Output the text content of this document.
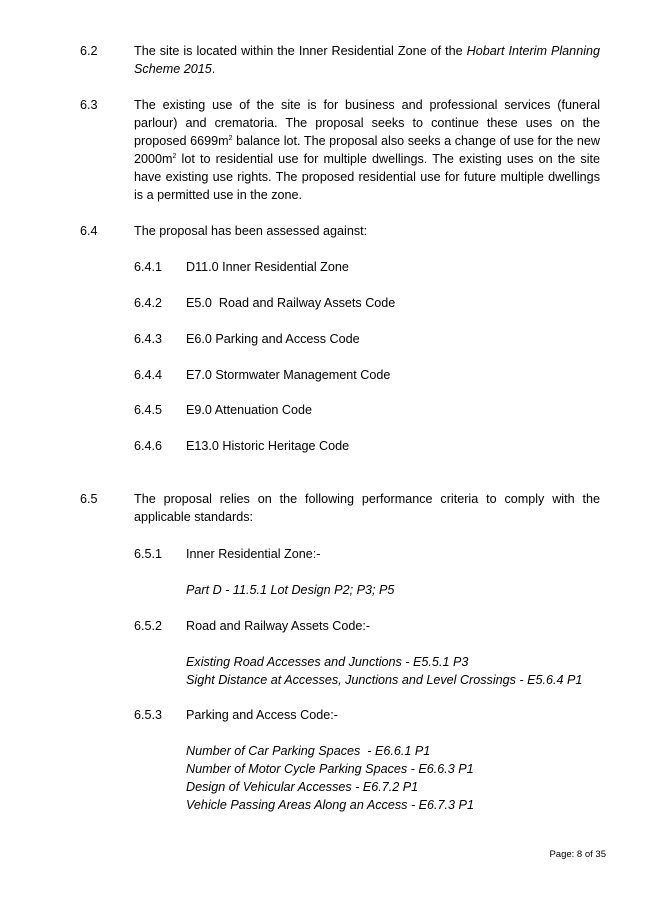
6.2	The site is located within the Inner Residential Zone of the Hobart Interim Planning Scheme 2015.
6.3	The existing use of the site is for business and professional services (funeral parlour) and crematoria. The proposal seeks to continue these uses on the proposed $6699m^2$ balance lot. The proposal also seeks a change of use for the new $2000m^2$ lot to residential use for multiple dwellings. The existing uses on the site have existing use rights. The proposed residential use for future multiple dwellings is a permitted use in the zone.
6.4	The proposal has been assessed against:
6.4.1 D11.0 Inner Residential Zone
6.4.2 E5.0  Road and Railway Assets Code
6.4.3 E6.0 Parking and Access Code
6.4.4 E7.0 Stormwater Management Code
6.4.5 E9.0 Attenuation Code
6.4.6 E13.0 Historic Heritage Code
6.5	The proposal relies on the following performance criteria to comply with the applicable standards:
6.5.1 Inner Residential Zone:-
Part D - 11.5.1 Lot Design P2; P3; P5
6.5.2 Road and Railway Assets Code:-
Existing Road Accesses and Junctions - E5.5.1 P3
Sight Distance at Accesses, Junctions and Level Crossings - E5.6.4 P1
6.5.3 Parking and Access Code:-
Number of Car Parking Spaces  - E6.6.1 P1
Number of Motor Cycle Parking Spaces - E6.6.3 P1
Design of Vehicular Accesses - E6.7.2 P1
Vehicle Passing Areas Along an Access - E6.7.3 P1
Page: 8 of 35
